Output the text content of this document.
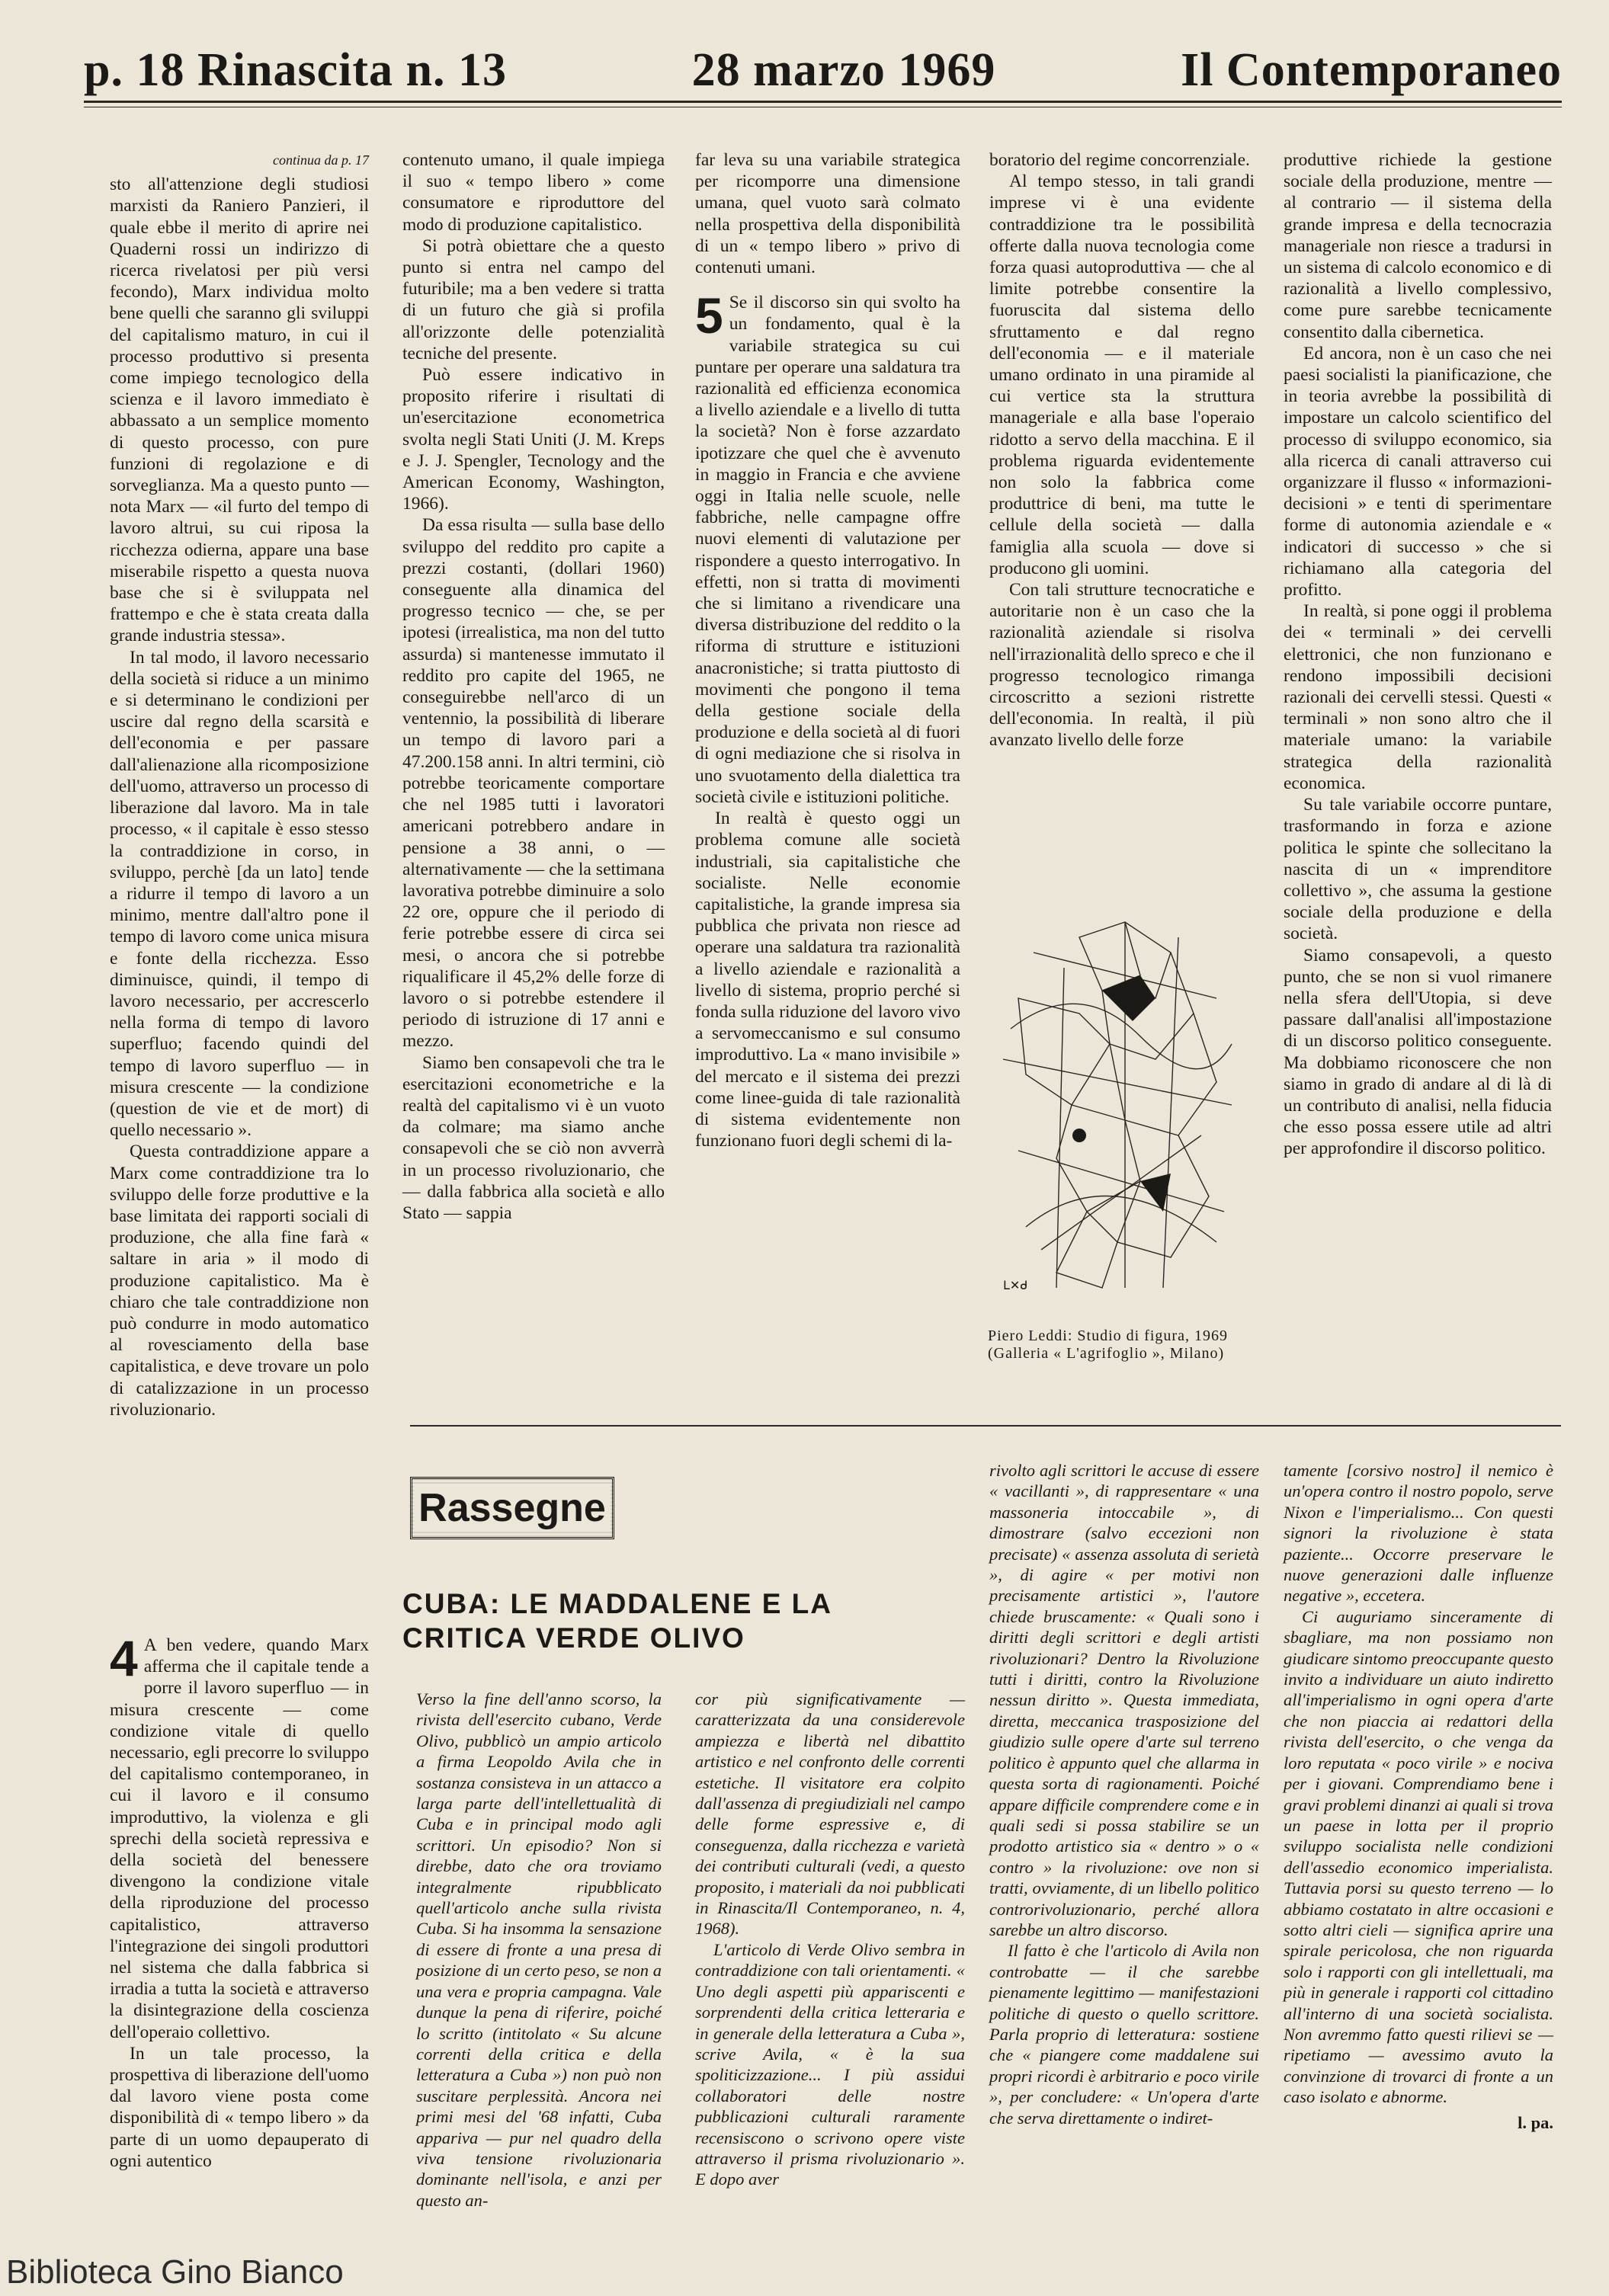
p. 18 Rinascita n. 13	28 marzo 1969	Il Contemporaneo
continua da p. 17

sto all'attenzione degli studiosi marxisti da Raniero Panzieri, il quale ebbe il merito di aprire nei Quaderni rossi un indirizzo di ricerca rivelatosi per più versi fecondo), Marx individua molto bene quelli che saranno gli sviluppi del capitalismo maturo, in cui il processo produttivo si presenta come impiego tecnologico della scienza e il lavoro immediato è abbassato a un semplice momento di questo processo, con pure funzioni di regolazione e di sorveglianza. Ma a questo punto — nota Marx — «il furto del tempo di lavoro altrui, su cui riposa la ricchezza odierna, appare una base miserabile rispetto a questa nuova base che si è sviluppata nel frattempo e che è stata creata dalla grande industria stessa».

In tal modo, il lavoro necessario della società si riduce a un minimo e si determinano le condizioni per uscire dal regno della scarsità e dell'economia e per passare dall'alienazione alla ricomposizione dell'uomo, attraverso un processo di liberazione dal lavoro. Ma in tale processo, « il capitale è esso stesso la contraddizione in corso, in sviluppo, perchè [da un lato] tende a ridurre il tempo di lavoro a un minimo, mentre dall'altro pone il tempo di lavoro come unica misura e fonte della ricchezza. Esso diminuisce, quindi, il tempo di lavoro necessario, per accrescerlo nella forma di tempo di lavoro superfluo; facendo quindi del tempo di lavoro superfluo — in misura crescente — la condizione (question de vie et de mort) di quello necessario ».

Questa contraddizione appare a Marx come contraddizione tra lo sviluppo delle forze produttive e la base limitata dei rapporti sociali di produzione, che alla fine farà « saltare in aria » il modo di produzione capitalistico. Ma è chiaro che tale contraddizione non può condurre in modo automatico al rovesciamento della base capitalistica, e deve trovare un polo di catalizzazione in un processo rivoluzionario.

4 A ben vedere, quando Marx afferma che il capitale tende a porre il lavoro superfluo — in misura crescente — come condizione vitale di quello necessario, egli precorre lo sviluppo del capitalismo contemporaneo, in cui il lavoro e il consumo improduttivo, la violenza e gli sprechi della società repressiva e della società del benessere divengono la condizione vitale della riproduzione del processo capitalistico, attraverso l'integrazione dei singoli produttori nel sistema che dalla fabbrica si irradia a tutta la società e attraverso la disintegrazione della coscienza dell'operaio collettivo.

In un tale processo, la prospettiva di liberazione dell'uomo dal lavoro viene posta come disponibilità di « tempo libero » da parte di un uomo depauperato di ogni autentico

contenuto umano, il quale impiega il suo « tempo libero » come consumatore e riproduttore del modo di produzione capitalistico.

Si potrà obiettare che a questo punto si entra nel campo del futuribile; ma a ben vedere si tratta di un futuro che già si profila all'orizzonte delle potenzialità tecniche del presente.

Può essere indicativo in proposito riferire i risultati di un'esercitazione econometrica svolta negli Stati Uniti (J. M. Kreps e J. J. Spengler, Tecnology and the American Economy, Washington, 1966).

Da essa risulta — sulla base dello sviluppo del reddito pro capite a prezzi costanti, (dollari 1960) conseguente alla dinamica del progresso tecnico — che, se per ipotesi (irrealistica, ma non del tutto assurda) si mantenesse immutato il reddito pro capite del 1965, ne conseguirebbe nell'arco di un ventennio, la possibilità di liberare un tempo di lavoro pari a 47.200.158 anni. In altri termini, ciò potrebbe teoricamente comportare che nel 1985 tutti i lavoratori americani potrebbero andare in pensione a 38 anni, o — alternativamente — che la settimana lavorativa potrebbe diminuire a solo 22 ore, oppure che il periodo di ferie potrebbe essere di circa sei mesi, o ancora che si potrebbe riqualificare il 45,2% delle forze di lavoro o si potrebbe estendere il periodo di istruzione di 17 anni e mezzo.

Siamo ben consapevoli che tra le esercitazioni econometriche e la realtà del capitalismo vi è un vuoto da colmare; ma siamo anche consapevoli che se ciò non avverrà in un processo rivoluzionario, che — dalla fabbrica alla società e allo Stato — sappia

far leva su una variabile strategica per ricomporre una dimensione umana, quel vuoto sarà colmato nella prospettiva della disponibilità di un « tempo libero » privo di contenuti umani.

5 Se il discorso sin qui svolto ha un fondamento, qual è la variabile strategica su cui puntare per operare una saldatura tra razionalità ed efficienza economica a livello aziendale e a livello di tutta la società? Non è forse azzardato ipotizzare che quel che è avvenuto in maggio in Francia e che avviene oggi in Italia nelle scuole, nelle fabbriche, nelle campagne offre nuovi elementi di valutazione per rispondere a questo interrogativo. In effetti, non si tratta di movimenti che si limitano a rivendicare una diversa distribuzione del reddito o la riforma di strutture e istituzioni anacronistiche; si tratta piuttosto di movimenti che pongono il tema della gestione sociale della produzione e della società al di fuori di ogni mediazione che si risolva in uno svuotamento della dialettica tra società civile e istituzioni politiche.

In realtà è questo oggi un problema comune alle società industriali, sia capitalistiche che socialiste. Nelle economie capitalistiche, la grande impresa sia pubblica che privata non riesce ad operare una saldatura tra razionalità a livello aziendale e razionalità a livello di sistema, proprio perché si fonda sulla riduzione del lavoro vivo a servomeccanismo e sul consumo improduttivo. La « mano invisibile » del mercato e il sistema dei prezzi come linee-guida di tale razionalità di sistema evidentemente non funzionano fuori degli schemi di la-

boratorio del regime concorrenziale.

Al tempo stesso, in tali grandi imprese vi è una evidente contraddizione tra le possibilità offerte dalla nuova tecnologia come forza quasi autoproduttiva — che al limite potrebbe consentire la fuoruscita dal sistema dello sfruttamento e dal regno dell'economia — e il materiale umano ordinato in una piramide al cui vertice sta la struttura manageriale e alla base l'operaio ridotto a servo della macchina. E il problema riguarda evidentemente non solo la fabbrica come produttrice di beni, ma tutte le cellule della società — dalla famiglia alla scuola — dove si producono gli uomini.

Con tali strutture tecnocratiche e autoritarie non è un caso che la razionalità aziendale si risolva nell'irrazionalità dello spreco e che il progresso tecnologico rimanga circoscritto a sezioni ristrette dell'economia. In realtà, il più avanzato livello delle forze

ᒪ✕ᑯ
Piero Leddi: Studio di figura, 1969 (Galleria « L'agrifoglio », Milano)

produttive richiede la gestione sociale della produzione, mentre — al contrario — il sistema della grande impresa e della tecnocrazia manageriale non riesce a tradursi in un sistema di calcolo economico e di razionalità a livello complessivo, come pure sarebbe tecnicamente consentito dalla cibernetica.

Ed ancora, non è un caso che nei paesi socialisti la pianificazione, che in teoria avrebbe la possibilità di impostare un calcolo scientifico del processo di sviluppo economico, sia alla ricerca di canali attraverso cui organizzare il flusso « informazioni-decisioni » e tenti di sperimentare forme di autonomia aziendale e « indicatori di successo » che si richiamano alla categoria del profitto.

In realtà, si pone oggi il problema dei « terminali » dei cervelli elettronici, che non funzionano e rendono impossibili decisioni razionali dei cervelli stessi. Questi « terminali » non sono altro che il materiale umano: la variabile strategica della razionalità economica.

Su tale variabile occorre puntare, trasformando in forza e azione politica le spinte che sollecitano la nascita di un « imprenditore collettivo », che assuma la gestione sociale della produzione e della società.

Siamo consapevoli, a questo punto, che se non si vuol rimanere nella sfera dell'Utopia, si deve passare dall'analisi all'impostazione di un discorso politico conseguente. Ma dobbiamo riconoscere che non siamo in grado di andare al di là di un contributo di analisi, nella fiducia che esso possa essere utile ad altri per approfondire il discorso politico.

Rassegne
CUBA: LE MADDALENE E LA CRITICA VERDE OLIVO

Verso la fine dell'anno scorso, la rivista dell'esercito cubano, Verde Olivo, pubblicò un ampio articolo a firma Leopoldo Avila che in sostanza consisteva in un attacco a larga parte dell'intellettualità di Cuba e in principal modo agli scrittori. Un episodio? Non si direbbe, dato che ora troviamo integralmente ripubblicato quell'articolo anche sulla rivista Cuba. Si ha insomma la sensazione di essere di fronte a una presa di posizione di un certo peso, se non a una vera e propria campagna. Vale dunque la pena di riferire, poiché lo scritto (intitolato « Su alcune correnti della critica e della letteratura a Cuba ») non può non suscitare perplessità. Ancora nei primi mesi del '68 infatti, Cuba appariva — pur nel quadro della viva tensione rivoluzionaria dominante nell'isola, e anzi per questo an-

cor più significativamente — caratterizzata da una considerevole ampiezza e libertà nel dibattito artistico e nel confronto delle correnti estetiche. Il visitatore era colpito dall'assenza di pregiudiziali nel campo delle forme espressive e, di conseguenza, dalla ricchezza e varietà dei contributi culturali (vedi, a questo proposito, i materiali da noi pubblicati in Rinascita/Il Contemporaneo, n. 4, 1968).

L'articolo di Verde Olivo sembra in contraddizione con tali orientamenti. « Uno degli aspetti più appariscenti e sorprendenti della critica letteraria e in generale della letteratura a Cuba », scrive Avila, « è la sua spoliticizzazione... I più assidui collaboratori delle nostre pubblicazioni culturali raramente recensiscono o scrivono opere viste attraverso il prisma rivoluzionario ». E dopo aver

rivolto agli scrittori le accuse di essere « vacillanti », di rappresentare « una massoneria intoccabile », di dimostrare (salvo eccezioni non precisate) « assenza assoluta di serietà », di agire « per motivi non precisamente artistici », l'autore chiede bruscamente: « Quali sono i diritti degli scrittori e degli artisti rivoluzionari? Dentro la Rivoluzione tutti i diritti, contro la Rivoluzione nessun diritto ». Questa immediata, diretta, meccanica trasposizione del giudizio sulle opere d'arte sul terreno politico è appunto quel che allarma in questa sorta di ragionamenti. Poiché appare difficile comprendere come e in quali sedi si possa stabilire se un prodotto artistico sia « dentro » o « contro » la rivoluzione: ove non si tratti, ovviamente, di un libello politico controrivoluzionario, perché allora sarebbe un altro discorso.

Il fatto è che l'articolo di Avila non controbatte — il che sarebbe pienamente legittimo — manifestazioni politiche di questo o quello scrittore. Parla proprio di letteratura: sostiene che « piangere come maddalene sui propri ricordi è arbitrario e poco virile », per concludere: « Un'opera d'arte che serva direttamente o indiret-

tamente [corsivo nostro] il nemico è un'opera contro il nostro popolo, serve Nixon e l'imperialismo... Con questi signori la rivoluzione è stata paziente... Occorre preservare le nuove generazioni dalle influenze negative », eccetera.

Ci auguriamo sinceramente di sbagliare, ma non possiamo non giudicare sintomo preoccupante questo invito a individuare un aiuto indiretto all'imperialismo in ogni opera d'arte che non piaccia ai redattori della rivista dell'esercito, o che venga da loro reputata « poco virile » e nociva per i giovani. Comprendiamo bene i gravi problemi dinanzi ai quali si trova un paese in lotta per il proprio sviluppo socialista nelle condizioni dell'assedio economico imperialista. Tuttavia porsi su questo terreno — lo abbiamo costatato in altre occasioni e sotto altri cieli — significa aprire una spirale pericolosa, che non riguarda solo i rapporti con gli intellettuali, ma più in generale i rapporti col cittadino all'interno di una società socialista. Non avremmo fatto questi rilievi se — ripetiamo — avessimo avuto la convinzione di trovarci di fronte a un caso isolato e abnorme.

l. pa.
Biblioteca Gino Bianco
